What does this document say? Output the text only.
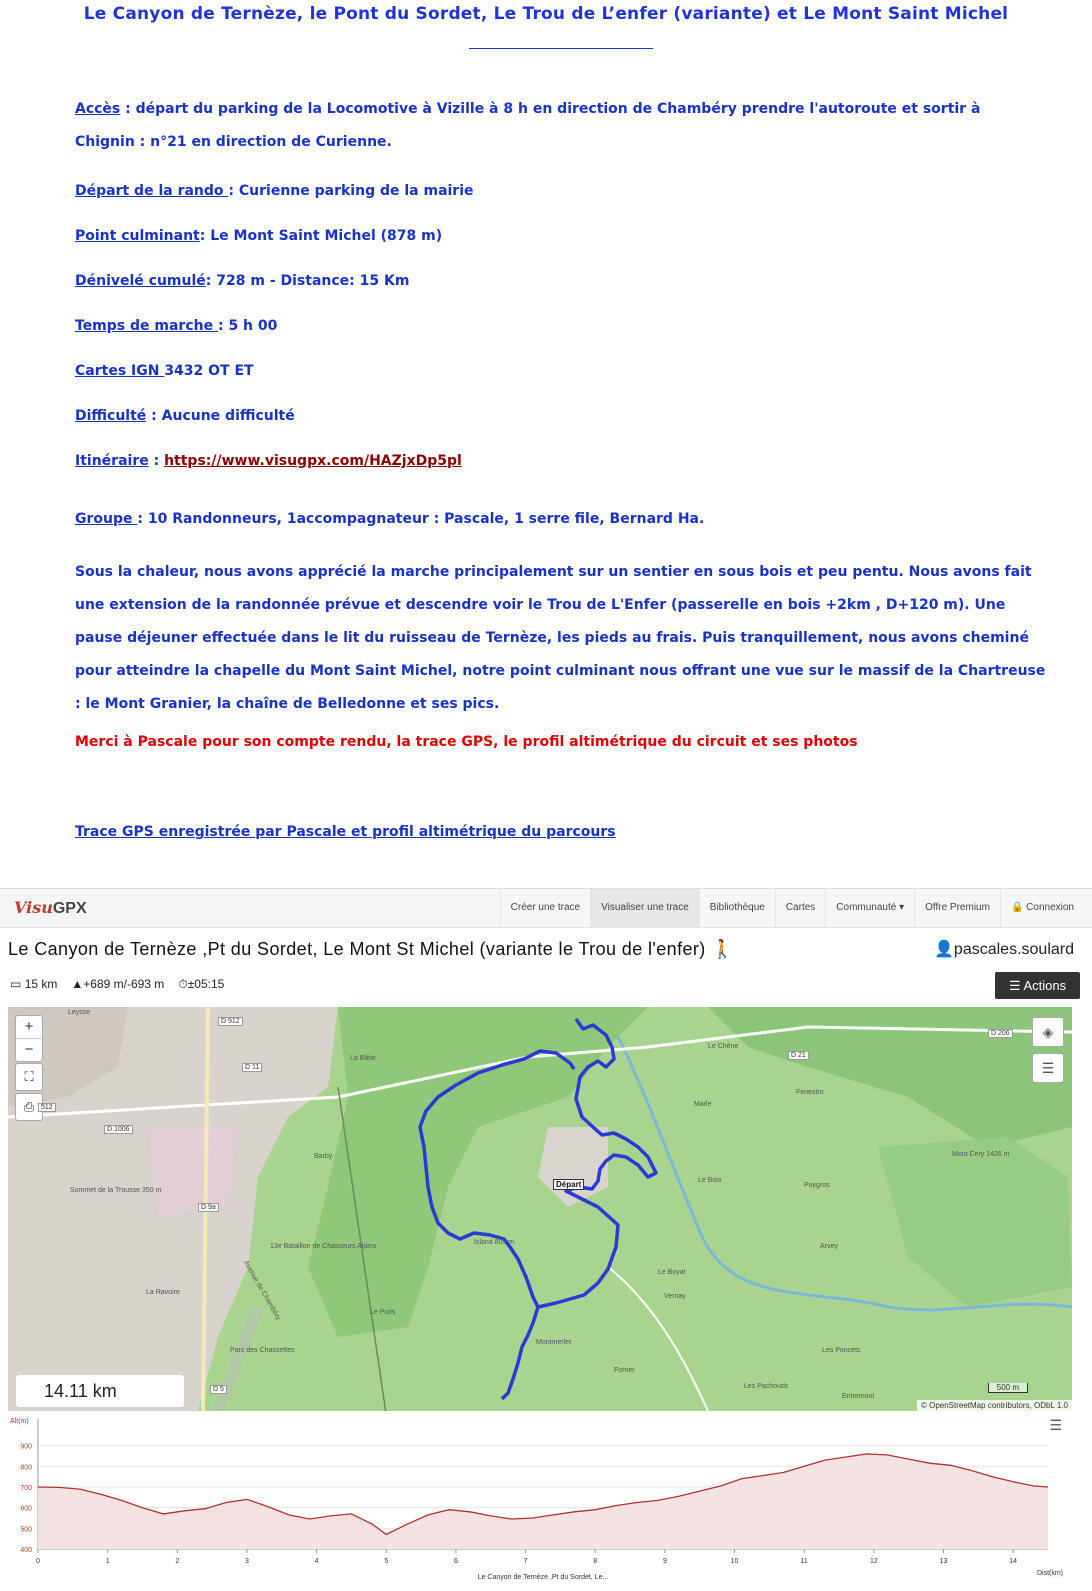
Le Canyon de Ternèze, le Pont du Sordet, Le Trou de L’enfer (variante) et Le Mont Saint Michel
Accès : départ du parking de la Locomotive à Vizille à 8 h en direction de Chambéry prendre l'autoroute et sortir à
Chignin : n°21 en direction de Curienne.
Départ de la rando : Curienne parking de la mairie
Point culminant: Le Mont Saint Michel (878 m)
Dénivelé cumulé: 728 m - Distance: 15 Km
Temps de marche : 5 h 00
Cartes IGN 3432 OT ET
Difficulté : Aucune difficulté
Itinéraire : https://www.visugpx.com/HAZjxDp5pl
Groupe : 10 Randonneurs, 1accompagnateur : Pascale, 1 serre file, Bernard Ha.
Sous la chaleur, nous avons apprécié la marche principalement sur un sentier en sous bois et peu pentu. Nous avons fait une extension de la randonnée prévue et descendre voir le Trou de L'Enfer (passerelle en bois +2km , D+120 m). Une pause déjeuner effectuée dans le lit du ruisseau de Ternèze, les pieds au frais. Puis tranquillement, nous avons cheminé pour atteindre la chapelle du Mont Saint Michel, notre point culminant nous offrant une vue sur le massif de la Chartreuse : le Mont Granier, la chaîne de Belledonne et ses pics.
Merci à Pascale pour son compte rendu, la trace GPS, le profil altimétrique du circuit et ses photos
Trace GPS enregistrée par Pascale et profil altimétrique du parcours
VisuGPX	Créer une trace	Visualiser une trace	Bibliothèque	Cartes	Communauté ▾	Offre Premium	🔒 Connexion
Le Canyon de Ternèze ,Pt du Sordet, Le Mont St Michel (variante le Trou de l'enfer) 🚶	👤pascales.soulard
▭ 15 km ▲+689 m/-693 m ⏱±05:15	☰ Actions
+
−
⛶
⎙
◈
☰
Départ
Leysse
La Bâtie
Barby
Le Chêne
Marle
Fenestro
Mont Cery 1426 m
Puygros
Le Bois
Arvey
Le Boyat
Vernay
Montmerlet
Fornet
Les Poncets
Les Pachouds
Entremont
Le Puits
La Ravoire
Sommet de la Trousse 350 m
13e Bataillon de Chasseurs Alpins
Avenue de Chambéry
Parc des Chassettes
Island 809 m
D 912
D 11
D 1006
D 9a
512
D 21
D 206
D 5
14.11 km	500 m
© OpenStreetMap contributors, ODbL 1.0
400
500
600
700
800
900
0	1	2	3	4	5	6	7	8	9	10	11	12	13	14
Alt(m)
Dist(km)
Le Canyon de Ternèze ,Pt du Sordet, Le...
☰
